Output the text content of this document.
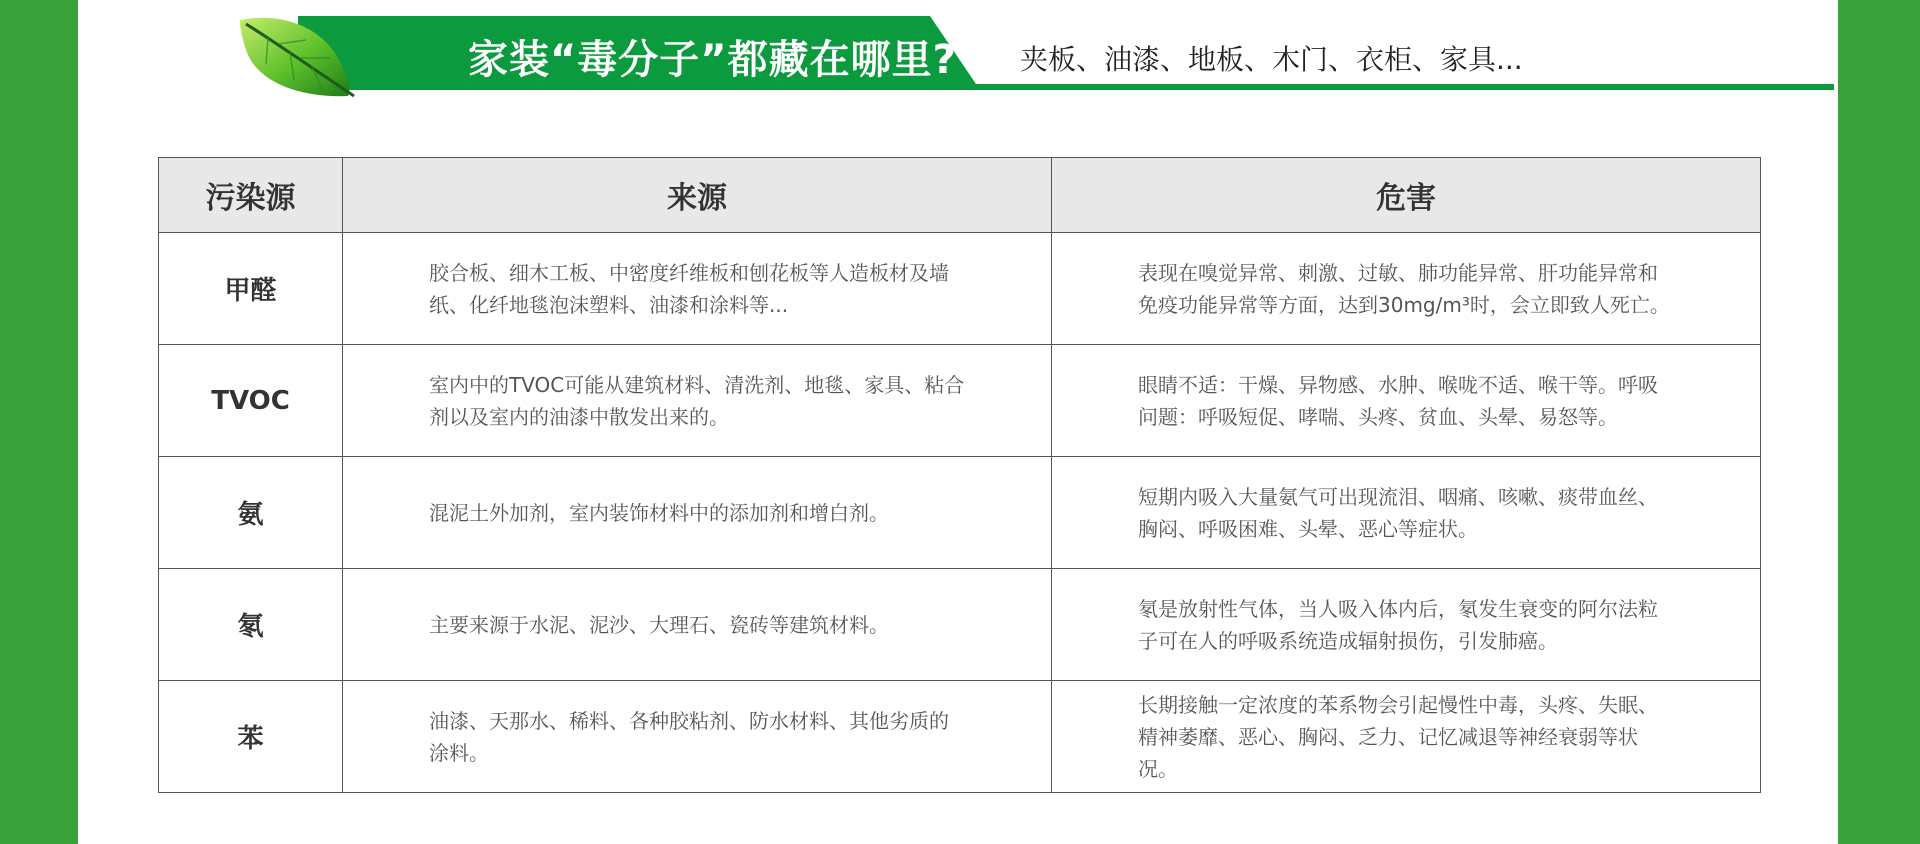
家装“毒分子”都藏在哪里? 夹板、油漆、地板、木门、衣柜、家具...
污染源	来源	危害
甲醛	胶合板、细木工板、中密度纤维板和刨花板等人造板材及墙纸、化纤地毯泡沫塑料、油漆和涂料等...	表现在嗅觉异常、刺激、过敏、肺功能异常、肝功能异常和免疫功能异常等方面，达到30mg/m³时，会立即致人死亡。

TVOC	室内中的TVOC可能从建筑材料、清洗剂、地毯、家具、粘合剂以及室内的油漆中散发出来的。	眼睛不适：干燥、异物感、水肿、喉咙不适、喉干等。呼吸问题：呼吸短促、哮喘、头疼、贫血、头晕、易怒等。

氨	混泥土外加剂，室内装饰材料中的添加剂和增白剂。	短期内吸入大量氨气可出现流泪、咽痛、咳嗽、痰带血丝、胸闷、呼吸困难、头晕、恶心等症状。

氡	主要来源于水泥、泥沙、大理石、瓷砖等建筑材料。	氡是放射性气体，当人吸入体内后，氡发生衰变的阿尔法粒子可在人的呼吸系统造成辐射损伤，引发肺癌。

苯	油漆、天那水、稀料、各种胶粘剂、防水材料、其他劣质的涂料。	长期接触一定浓度的苯系物会引起慢性中毒，头疼、失眠、精神萎靡、恶心、胸闷、乏力、记忆减退等神经衰弱等状况。
